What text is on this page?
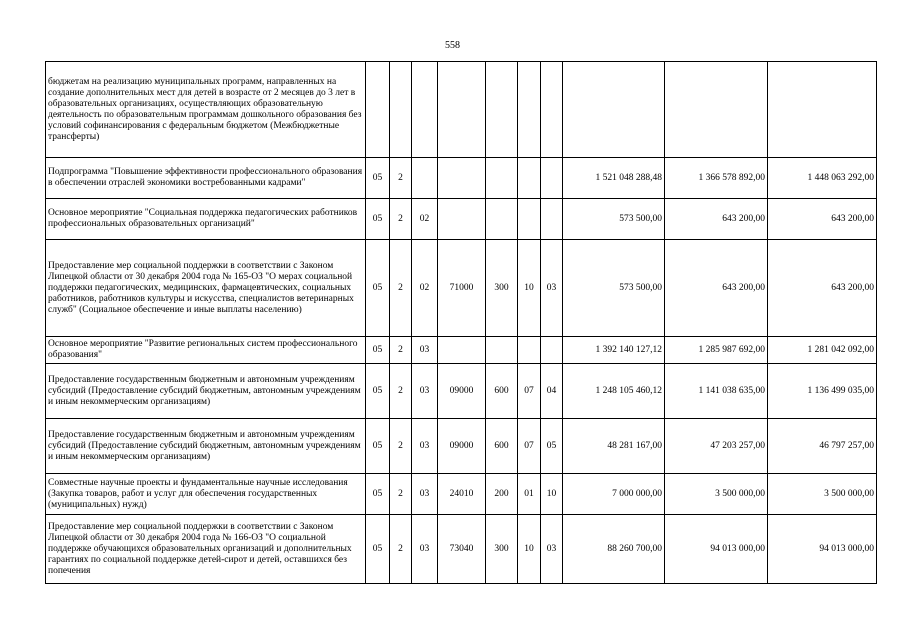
558
бюджетам на реализацию муниципальных программ, направленных на создание дополнительных мест для детей в возрасте от 2 месяцев до 3 лет в образовательных организациях, осуществляющих образовательную деятельность по образовательным программам дошкольного образования без условий софинансирования с федеральным бюджетом (Межбюджетные трансферты)										
Подпрограмма "Повышение эффективности профессионального образования в обеспечении отраслей экономики востребованными кадрами"	05	2						1 521 048 288,48	1 366 578 892,00	1 448 063 292,00
Основное мероприятие "Социальная поддержка педагогических работников профессиональных образовательных организаций"	05	2	02					573 500,00	643 200,00	643 200,00
Предоставление мер социальной поддержки в соответствии с Законом Липецкой области от 30 декабря 2004 года № 165-ОЗ "О мерах социальной поддержки педагогических, медицинских, фармацевтических, социальных работников, работников культуры и искусства, специалистов ветеринарных служб" (Социальное обеспечение и иные выплаты населению)	05	2	02	71000	300	10	03	573 500,00	643 200,00	643 200,00
Основное мероприятие "Развитие региональных систем профессионального образования"	05	2	03					1 392 140 127,12	1 285 987 692,00	1 281 042 092,00
Предоставление государственным бюджетным и автономным учреждениям субсидий (Предоставление субсидий бюджетным, автономным учреждениям и иным некоммерческим организациям)	05	2	03	09000	600	07	04	1 248 105 460,12	1 141 038 635,00	1 136 499 035,00
Предоставление государственным бюджетным и автономным учреждениям субсидий (Предоставление субсидий бюджетным, автономным учреждениям и иным некоммерческим организациям)	05	2	03	09000	600	07	05	48 281 167,00	47 203 257,00	46 797 257,00
Совместные научные проекты и фундаментальные научные исследования (Закупка товаров, работ и услуг для обеспечения государственных (муниципальных) нужд)	05	2	03	24010	200	01	10	7 000 000,00	3 500 000,00	3 500 000,00
Предоставление мер социальной поддержки в соответствии с Законом Липецкой области от 30 декабря 2004 года № 166-ОЗ "О социальной поддержке обучающихся образовательных организаций и дополнительных гарантиях по социальной поддержке детей-сирот и детей, оставшихся без попечения	05	2	03	73040	300	10	03	88 260 700,00	94 013 000,00	94 013 000,00
